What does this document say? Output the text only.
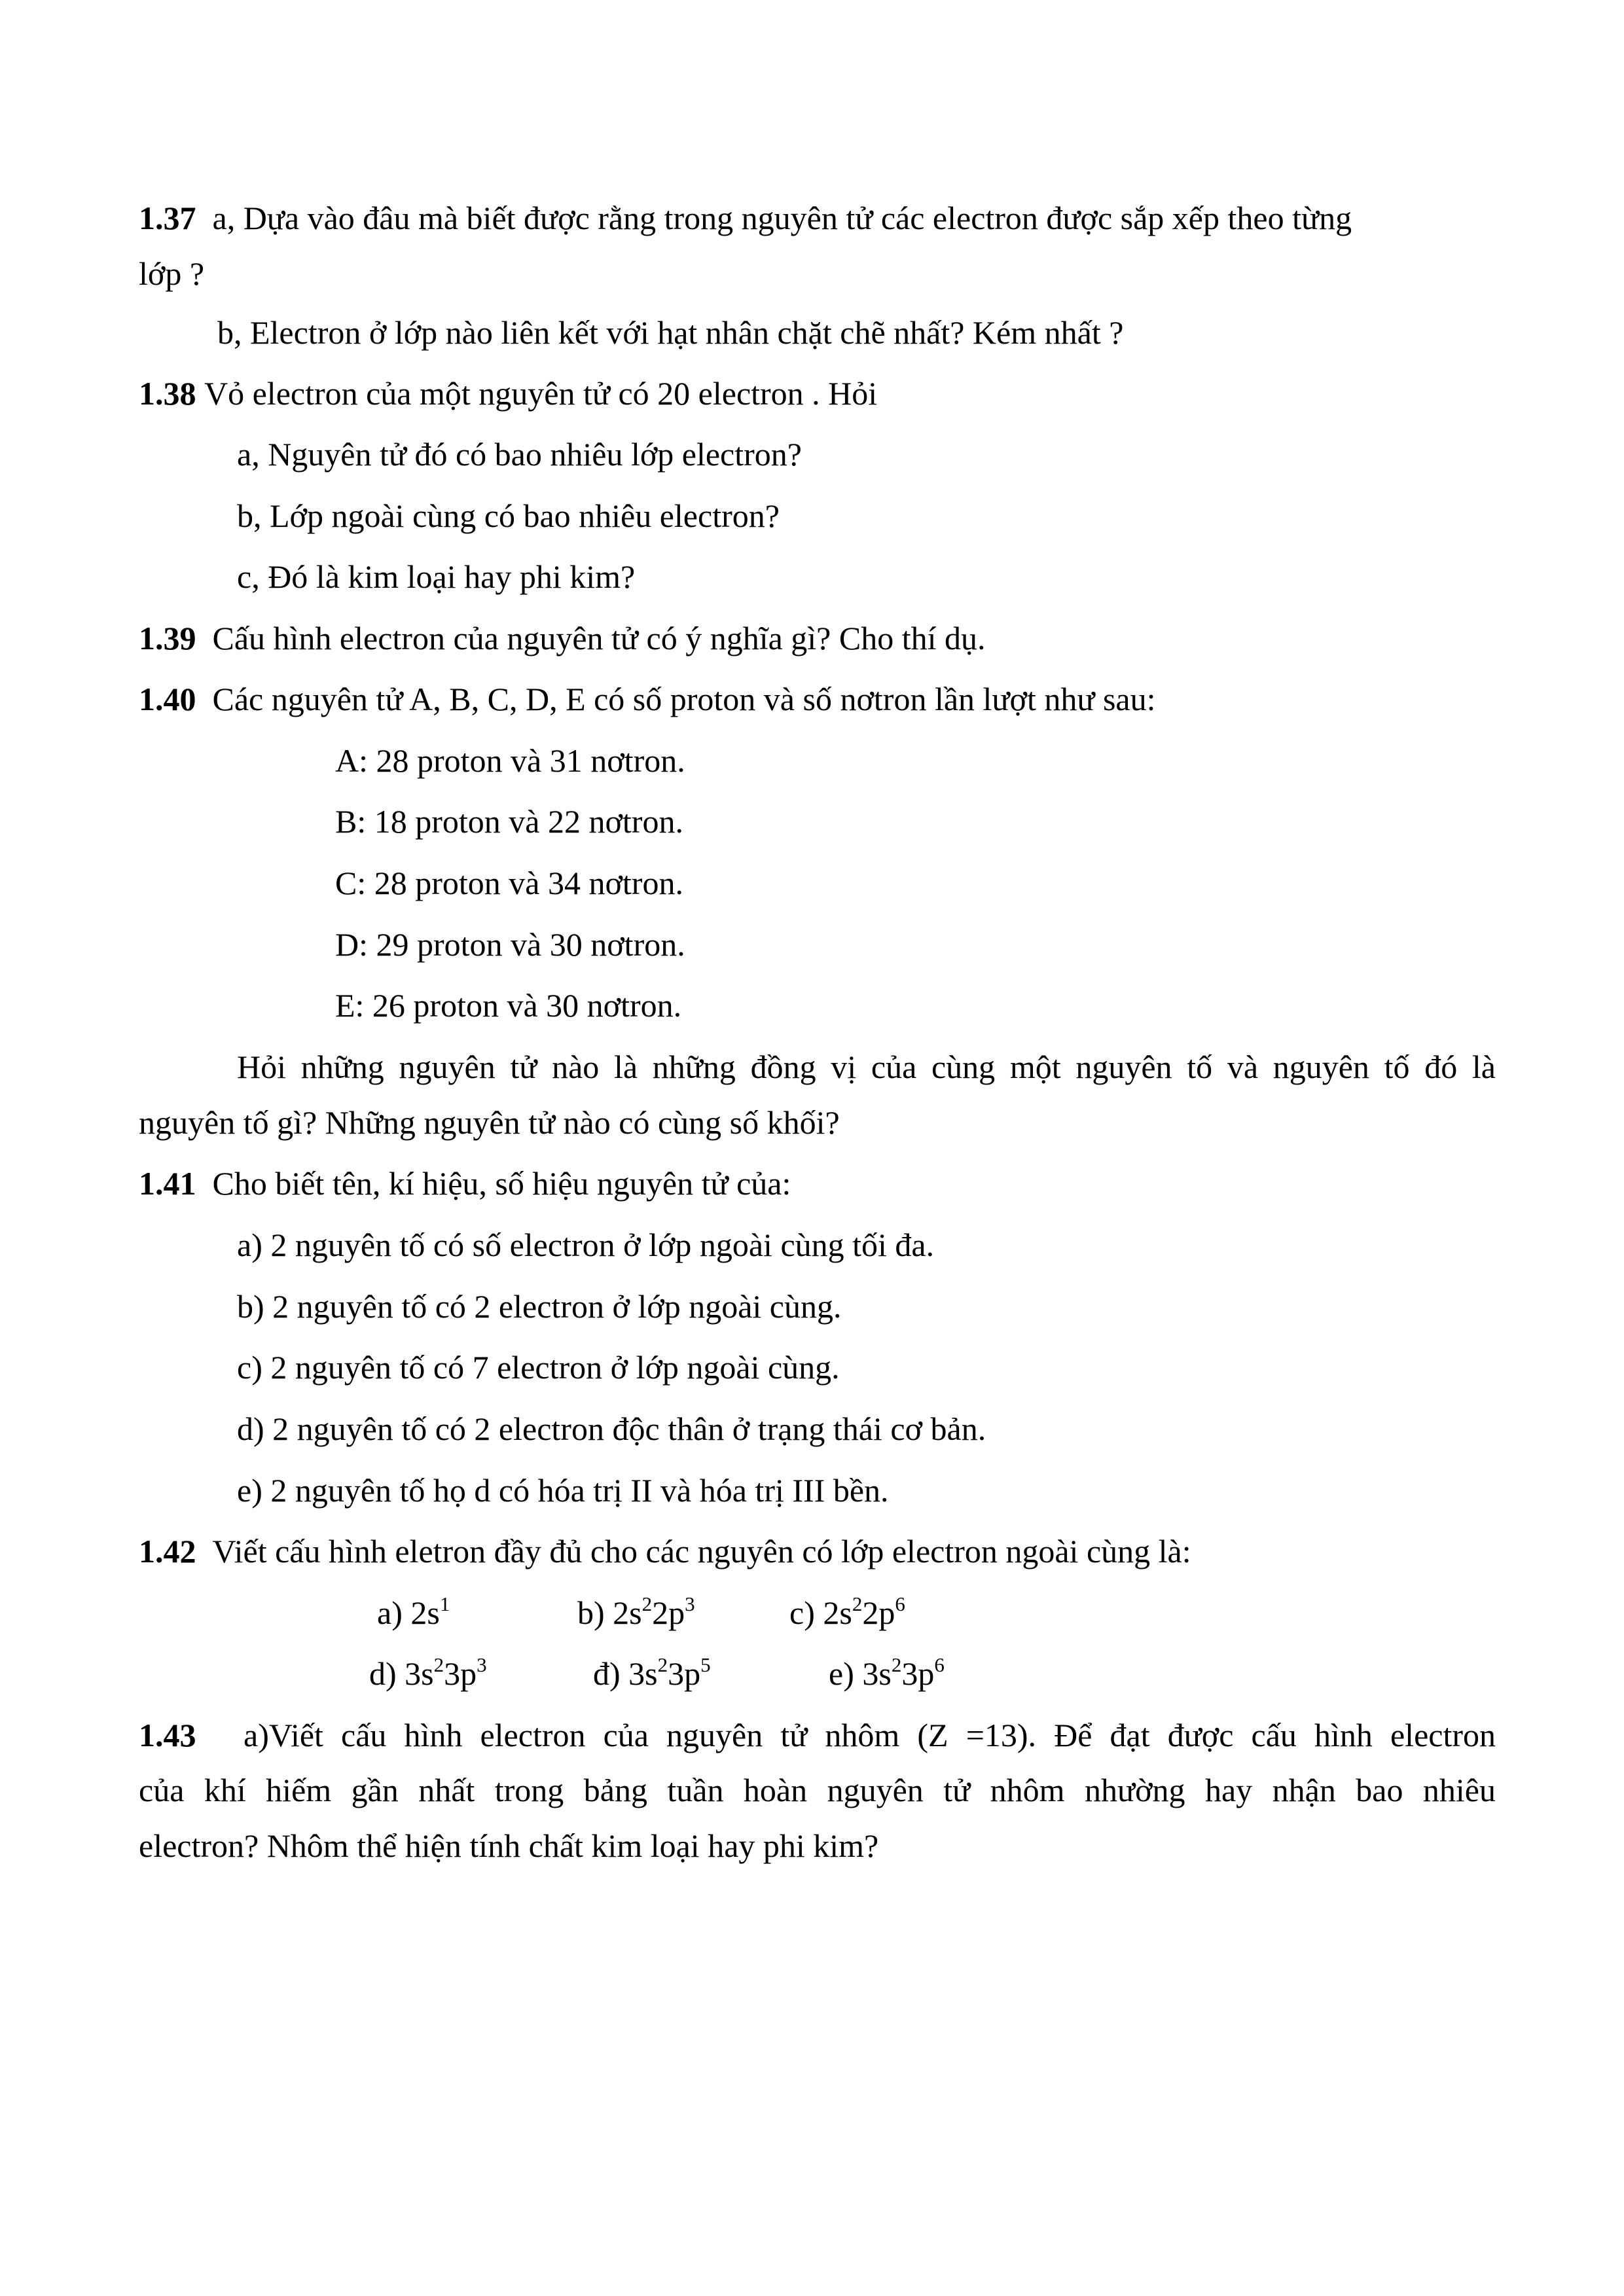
1.37 a, Dựa vào đâu mà biết được rằng trong nguyên tử các electron được sắp xếp theo từng
lớp ?
b, Electron ở lớp nào liên kết với hạt nhân chặt chẽ nhất? Kém nhất ?
1.38 Vỏ electron của một nguyên tử có 20 electron . Hỏi
a, Nguyên tử đó có bao nhiêu lớp electron?
b, Lớp ngoài cùng có bao nhiêu electron?
c, Đó là kim loại hay phi kim?
1.39 Cấu hình electron của nguyên tử có ý nghĩa gì? Cho thí dụ.
1.40 Các nguyên tử A, B, C, D, E có số proton và số nơtron lần lượt như sau:
A: 28 proton và 31 nơtron.
B: 18 proton và 22 nơtron.
C: 28 proton và 34 nơtron.
D: 29 proton và 30 nơtron.
E: 26 proton và 30 nơtron.
Hỏi những nguyên tử nào là những đồng vị của cùng một nguyên tố và nguyên tố đó là
nguyên tố gì? Những nguyên tử nào có cùng số khối?
1.41 Cho biết tên, kí hiệu, số hiệu nguyên tử của:
a) 2 nguyên tố có số electron ở lớp ngoài cùng tối đa.
b) 2 nguyên tố có 2 electron ở lớp ngoài cùng.
c) 2 nguyên tố có 7 electron ở lớp ngoài cùng.
d) 2 nguyên tố có 2 electron độc thân ở trạng thái cơ bản.
e) 2 nguyên tố họ d có hóa trị II và hóa trị III bền.
1.42 Viết cấu hình eletron đầy đủ cho các nguyên có lớp electron ngoài cùng là:
a) $2s^1$	b) $2s^22p^3$	c) $2s^22p^6$
d) $3s^23p^3$	đ) $3s^23p^5$	e) $3s^23p^6$
1.43 a)Viết cấu hình electron của nguyên tử nhôm (Z =13). Để đạt được cấu hình electron
của khí hiếm gần nhất trong bảng tuần hoàn nguyên tử nhôm nhường hay nhận bao nhiêu
electron? Nhôm thể hiện tính chất kim loại hay phi kim?
